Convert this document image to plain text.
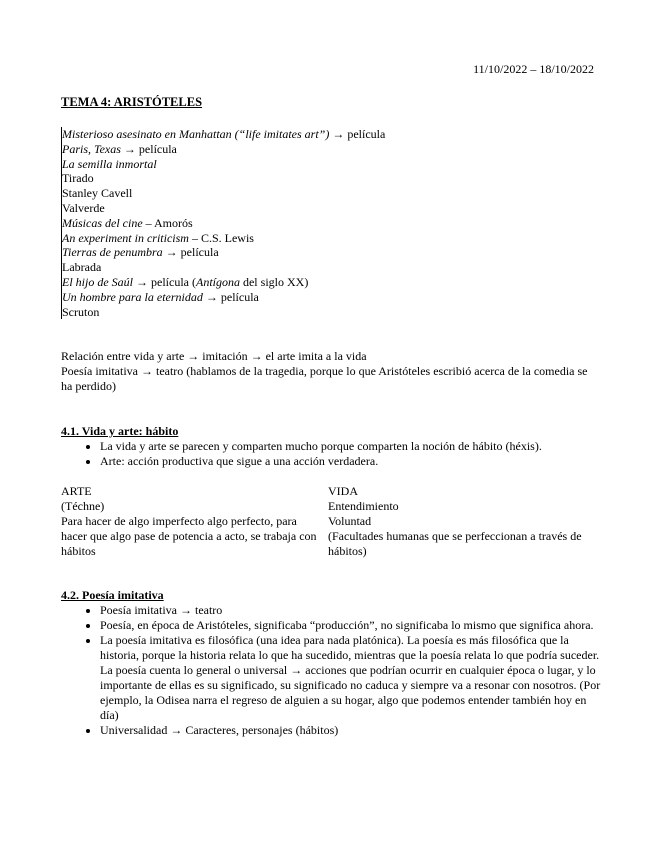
11/10/2022 – 18/10/2022
TEMA 4: ARISTÓTELES
Misterioso asesinato en Manhattan (“life imitates art”) → película
Paris, Texas → película
La semilla inmortal
Tirado
Stanley Cavell
Valverde
Músicas del cine – Amorós
An experiment in criticism – C.S. Lewis
Tierras de penumbra → película
Labrada
El hijo de Saúl → película (Antígona del siglo XX)
Un hombre para la eternidad → película
Scruton
Relación entre vida y arte → imitación → el arte imita a la vida
Poesía imitativa → teatro (hablamos de la tragedia, porque lo que Aristóteles escribió acerca de la comedia se ha perdido)
4.1. Vida y arte: hábito
• La vida y arte se parecen y comparten mucho porque comparten la noción de hábito (héxis).
• Arte: acción productiva que sigue a una acción verdadera.
ARTE
(Téchne)
Para hacer de algo imperfecto algo perfecto, para hacer que algo pase de potencia a acto, se trabaja con hábitos
VIDA
Entendimiento
Voluntad
(Facultades humanas que se perfeccionan a través de hábitos)
4.2. Poesía imitativa
• Poesía imitativa → teatro
• Poesía, en época de Aristóteles, significaba “producción”, no significaba lo mismo que significa ahora.
• La poesía imitativa es filosófica (una idea para nada platónica). La poesía es más filosófica que la historia, porque la historia relata lo que ha sucedido, mientras que la poesía relata lo que podría suceder. La poesía cuenta lo general o universal → acciones que podrían ocurrir en cualquier época o lugar, y lo importante de ellas es su significado, su significado no caduca y siempre va a resonar con nosotros. (Por ejemplo, la Odisea narra el regreso de alguien a su hogar, algo que podemos entender también hoy en día)
• Universalidad → Caracteres, personajes (hábitos)
